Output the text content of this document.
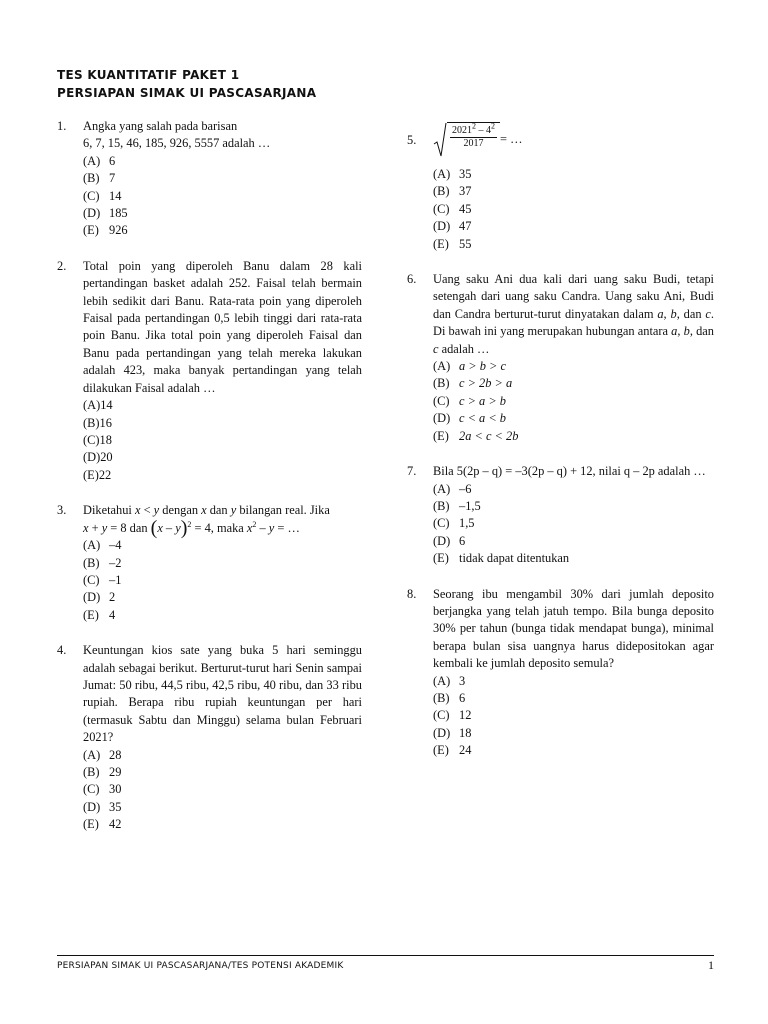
TES KUANTITATIF PAKET 1
PERSIAPAN SIMAK UI PASCASARJANA
1. Angka yang salah pada barisan
6, 7, 15, 46, 185, 926, 5557 adalah …
(A) 6
(B) 7
(C) 14
(D) 185
(E) 926
2. Total poin yang diperoleh Banu dalam 28 kali pertandingan basket adalah 252. Faisal telah bermain lebih sedikit dari Banu. Rata-rata poin yang diperoleh Faisal pada pertandingan 0,5 lebih tinggi dari rata-rata poin Banu. Jika total poin yang diperoleh Faisal dan Banu pada pertandingan yang telah mereka lakukan adalah 423, maka banyak pertandingan yang telah dilakukan Faisal adalah …
(A) 14
(B) 16
(C) 18
(D) 20
(E) 22
3. Diketahui x < y dengan x dan y bilangan real. Jika
x + y = 8 dan (x – y)$^2$ = 4, maka $x^2$ – y = …
(A) –4
(B) –2
(C) –1
(D) 2
(E) 4
4. Keuntungan kios sate yang buka 5 hari seminggu adalah sebagai berikut. Berturut-turut hari Senin sampai Jumat: 50 ribu, 44,5 ribu, 42,5 ribu, 40 ribu, dan 33 ribu rupiah. Berapa ribu rupiah keuntungan per hari (termasuk Sabtu dan Minggu) selama bulan Februari 2021?
(A) 28
(B) 29
(C) 30
(D) 35
(E) 42
5.	$\frac{2021^2 - 4^2}{2017}$ = …
(A) 35
(B) 37
(C) 45
(D) 47
(E) 55
6. Uang saku Ani dua kali dari uang saku Budi, tetapi setengah dari uang saku Candra. Uang saku Ani, Budi dan Candra berturut-turut dinyatakan dalam a, b, dan c. Di bawah ini yang merupakan hubungan antara a, b, dan c adalah …
(A) a > b > c
(B) c > 2b > a
(C) c > a > b
(D) c < a < b
(E) 2a < c < 2b
7. Bila 5(2p – q) = –3(2p – q) + 12, nilai q – 2p adalah …
(A) –6
(B) –1,5
(C) 1,5
(D) 6
(E) tidak dapat ditentukan
8. Seorang ibu mengambil 30% dari jumlah deposito berjangka yang telah jatuh tempo. Bila bunga deposito 30% per tahun (bunga tidak mendapat bunga), minimal berapa bulan sisa uangnya harus didepositokan agar kembali ke jumlah deposito semula?
(A) 3
(B) 6
(C) 12
(D) 18
(E) 24
PERSIAPAN SIMAK UI PASCASARJANA/TES POTENSI AKADEMIK	1
